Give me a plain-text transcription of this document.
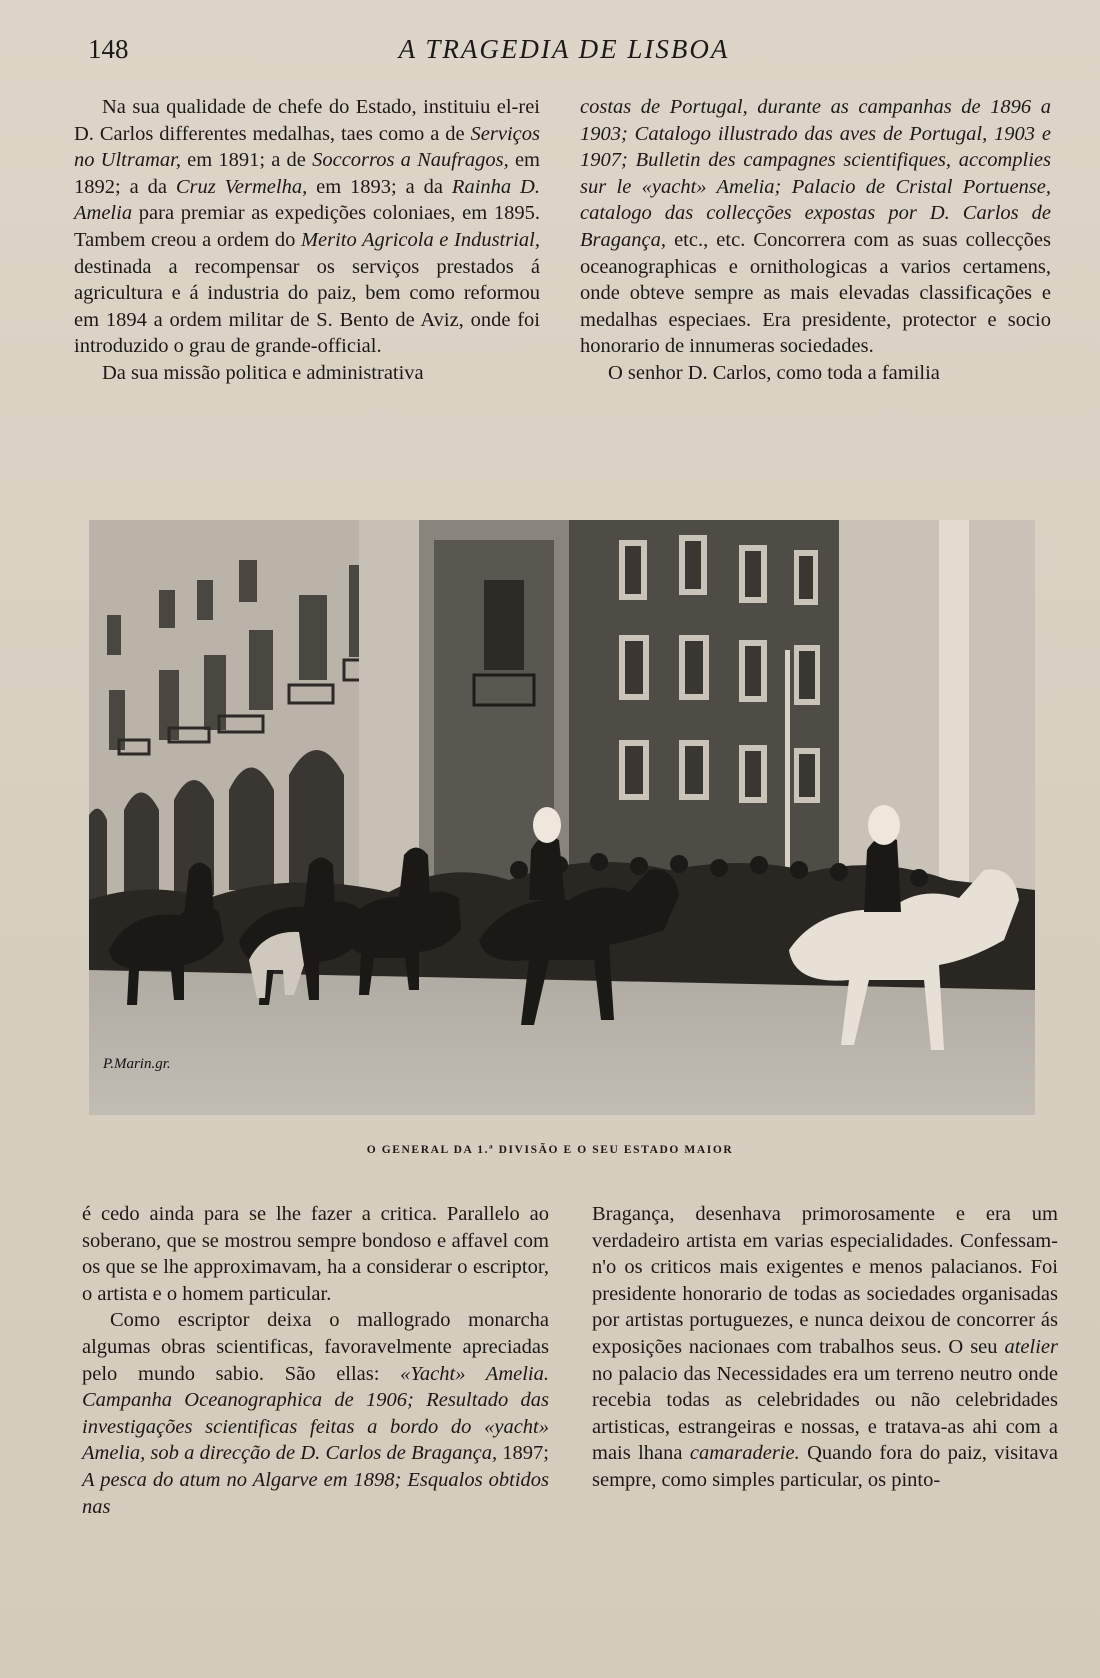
148	A TRAGEDIA DE LISBOA

Na sua qualidade de chefe do Estado, instituiu el-rei D. Carlos differentes medalhas, taes como a de Serviços no Ultramar, em 1891; a de Soccorros a Naufragos, em 1892; a da Cruz Vermelha, em 1893; a da Rainha D. Amelia para premiar as expedições coloniaes, em 1895. Tambem creou a ordem do Merito Agricola e Industrial, destinada a recompensar os serviços prestados á agricultura e á industria do paiz, bem como reformou em 1894 a ordem militar de S. Bento de Aviz, onde foi introduzido o grau de grande-official.

Da sua missão politica e administrativa

costas de Portugal, durante as campanhas de 1896 a 1903; Catalogo illustrado das aves de Portugal, 1903 e 1907; Bulletin des campagnes scientifiques, accomplies sur le «yacht» Amelia; Palacio de Cristal Portuense, catalogo das collecções expostas por D. Carlos de Bragança, etc., etc. Concorrera com as suas collecções oceanographicas e ornithologicas a varios certamens, onde obteve sempre as mais elevadas classificações e medalhas especiaes. Era presidente, protector e socio honorario de innumeras sociedades.

O senhor D. Carlos, como toda a familia

P.Marin.gr.
O GENERAL DA 1.ª DIVISÃO E O SEU ESTADO MAIOR

é cedo ainda para se lhe fazer a critica. Parallelo ao soberano, que se mostrou sempre bondoso e affavel com os que se lhe approximavam, ha a considerar o escriptor, o artista e o homem particular.

Como escriptor deixa o mallogrado monarcha algumas obras scientificas, favoravelmente apreciadas pelo mundo sabio. São ellas: «Yacht» Amelia. Campanha Oceanographica de 1906; Resultado das investigações scientificas feitas a bordo do «yacht» Amelia, sob a direcção de D. Carlos de Bragança, 1897; A pesca do atum no Algarve em 1898; Esqualos obtidos nas

Bragança, desenhava primorosamente e era um verdadeiro artista em varias especialidades. Confessam-n'o os criticos mais exigentes e menos palacianos. Foi presidente honorario de todas as sociedades organisadas por artistas portuguezes, e nunca deixou de concorrer ás exposições nacionaes com trabalhos seus. O seu atelier no palacio das Necessidades era um terreno neutro onde recebia todas as celebridades ou não celebridades artisticas, estrangeiras e nossas, e tratava-as ahi com a mais lhana camaraderie. Quando fora do paiz, visitava sempre, como simples particular, os pinto-
